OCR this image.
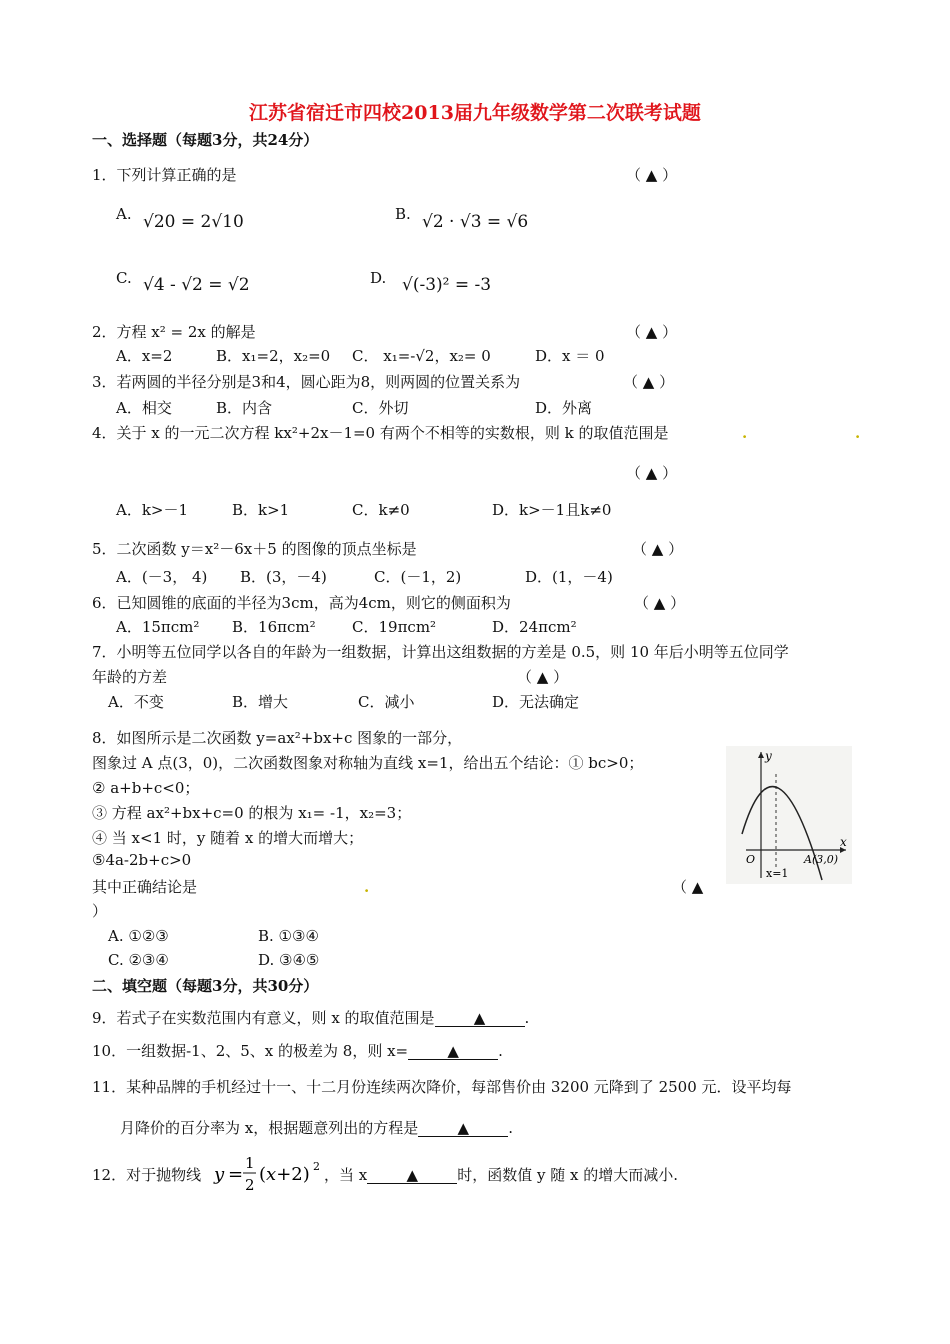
江苏省宿迁市四校2013届九年级数学第二次联考试题
一、选择题（每题3分，共24分）
1．下列计算正确的是	（ ▲ ）
A. √20 = 2√10	B. √2 · √3 = √6
C. √4 - √2 = √2	D. √(-3)² = -3
2．方程 x² = 2x 的解是	（ ▲ ）
A．x=2	B．x₁=2，x₂=0 C． x₁=-√2，x₂= 0	D．x ＝ 0
3．若两圆的半径分别是3和4，圆心距为8，则两圆的位置关系为	（ ▲ ）
A．相交	B．内含	C．外切	D．外离
4．关于 x 的一元二次方程 kx²+2x－1=0 有两个不相等的实数根，则 k 的取值范围是	.	.
（ ▲ ）
A．k>－1	B．k>1	C．k≠0	D．k>－1且k≠0
5．二次函数 y＝x²－6x＋5 的图像的顶点坐标是	（ ▲ ）
A．(－3， 4) B．(3，－4)	C．(－1，2)	D．(1，－4)
6．已知圆锥的底面的半径为3cm，高为4cm，则它的侧面积为	（ ▲ ）
A．15πcm² B．16πcm² C．19πcm²	D．24πcm²
7．小明等五位同学以各自的年龄为一组数据，计算出这组数据的方差是 0.5，则 10 年后小明等五位同学
年龄的方差	（ ▲ ）
A．不变	B．增大	C．减小	D．无法确定
8．如图所示是二次函数 y=ax²+bx+c 图象的一部分，
图象过 A 点(3，0)，二次函数图象对称轴为直线 x=1，给出五个结论：① bc>0；
② a+b+c<0；
③ 方程 ax²+bx+c=0 的根为 x₁= -1，x₂=3；
④ 当 x<1 时，y 随着 x 的增大而增大；
⑤4a-2b+c>0
其中正确结论是	.	（ ▲
）
A. ①②③	B. ①③④
C. ②③④	D. ③④⑤
y
x
O	A(3,0)
x=1
二、填空题（每题3分，共30分）
9．若式子在实数范围内有意义，则 x 的取值范围是	▲	.
10．一组数据-1、2、5、x 的极差为 8，则 x=	▲	.
11．某种品牌的手机经过十一、十二月份连续两次降价，每部售价由 3200 元降到了 2500 元．设平均每
月降价的百分率为 x，根据题意列出的方程是	▲	.
12．对于抛物线 y =
1
2 (x+2) 2 ，当 x	▲	时，函数值 y 随 x 的增大而减小.
